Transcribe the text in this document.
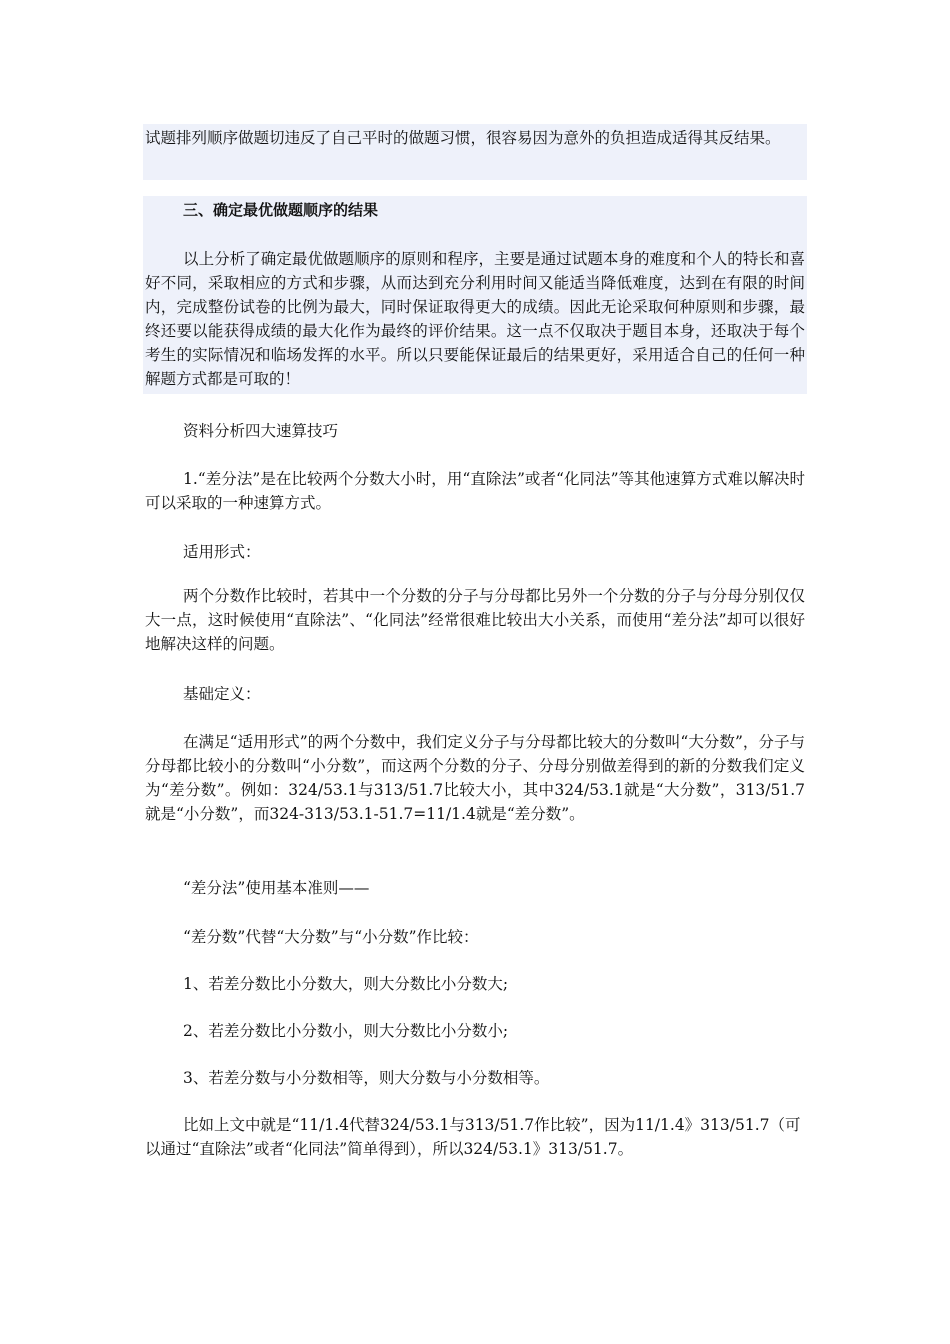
试题排列顺序做题切违反了自己平时的做题习惯，很容易因为意外的负担造成适得其反结果。

三、确定最优做题顺序的结果

以上分析了确定最优做题顺序的原则和程序，主要是通过试题本身的难度和个人的特长和喜好不同，采取相应的方式和步骤，从而达到充分利用时间又能适当降低难度，达到在有限的时间内，完成整份试卷的比例为最大，同时保证取得更大的成绩。因此无论采取何种原则和步骤，最终还要以能获得成绩的最大化作为最终的评价结果。这一点不仅取决于题目本身，还取决于每个考生的实际情况和临场发挥的水平。所以只要能保证最后的结果更好，采用适合自己的任何一种解题方式都是可取的！

资料分析四大速算技巧

1.“差分法”是在比较两个分数大小时，用“直除法”或者“化同法”等其他速算方式难以解决时可以采取的一种速算方式。

适用形式：

两个分数作比较时，若其中一个分数的分子与分母都比另外一个分数的分子与分母分别仅仅大一点，这时候使用“直除法”、“化同法”经常很难比较出大小关系，而使用“差分法”却可以很好地解决这样的问题。

基础定义：

在满足“适用形式”的两个分数中，我们定义分子与分母都比较大的分数叫“大分数”，分子与分母都比较小的分数叫“小分数”，而这两个分数的分子、分母分别做差得到的新的分数我们定义为“差分数”。例如：324/53.1与313/51.7比较大小，其中324/53.1就是“大分数”，313/51.7就是“小分数”，而324-313/53.1-51.7=11/1.4就是“差分数”。

“差分法”使用基本准则——

“差分数”代替“大分数”与“小分数”作比较：

1、若差分数比小分数大，则大分数比小分数大;

2、若差分数比小分数小，则大分数比小分数小;

3、若差分数与小分数相等，则大分数与小分数相等。

比如上文中就是“11/1.4代替324/53.1与313/51.7作比较”，因为11/1.4》313/51.7（可以通过“直除法”或者“化同法”简单得到），所以324/53.1》313/51.7。
